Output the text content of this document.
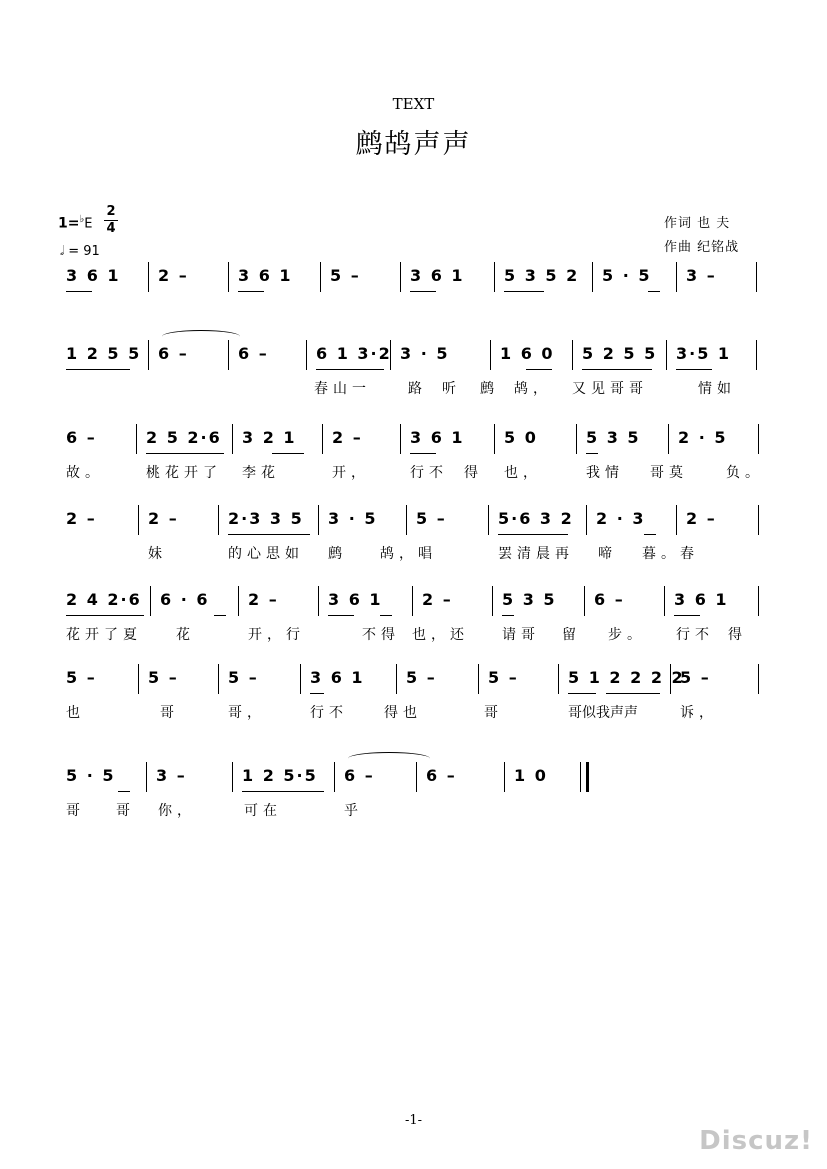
TEXT
鹧鸪声声
1=♭E
2
4
𝅗𝅥 = 91
作词 也 夫
作曲 纪铭战
3 6 1 2 –	3 6 1 5 –	3 6 1 5 3 5 2 5 · 5 3 –
1 2 5 5 6 –	6 –	6 1 3·2 3 · 5	1 6 0 5 2 5 5 3·5 1
春山一	路 听 鹧 鸪， 又见哥哥	情如
6 –	2 5 2·6 3 2 1 2 –	3 6 1 5 0	5 3 5 2 · 5
故。	桃花开了 李花	开，	行不 得 也，	我情 哥莫	负。
2 –	2 –	2·3 3 5 3 · 5 5 –	5·6 3 2 2 · 3	2 –
妹	的心思如 鹧 鸪，唱	罢清晨再 啼 暮。春
2 4 2·6 6 · 6 2 –	3 6 1 2 –	5 3 5 6 –	3 6 1
花开了夏 花	开，行	不得 也，还 请哥 留 步。 行不 得
5 –	5 –	5 –	3 6 1	5 –	5 –	5 1 2 2 2 2
5 –
也	哥	哥，	行不	得也	哥	哥似我声声	诉，
5 · 5	3 –	1 2 5·5 6 –	6 –	1 0
哥 哥 你，	可在	乎
-1-
Discuz!
